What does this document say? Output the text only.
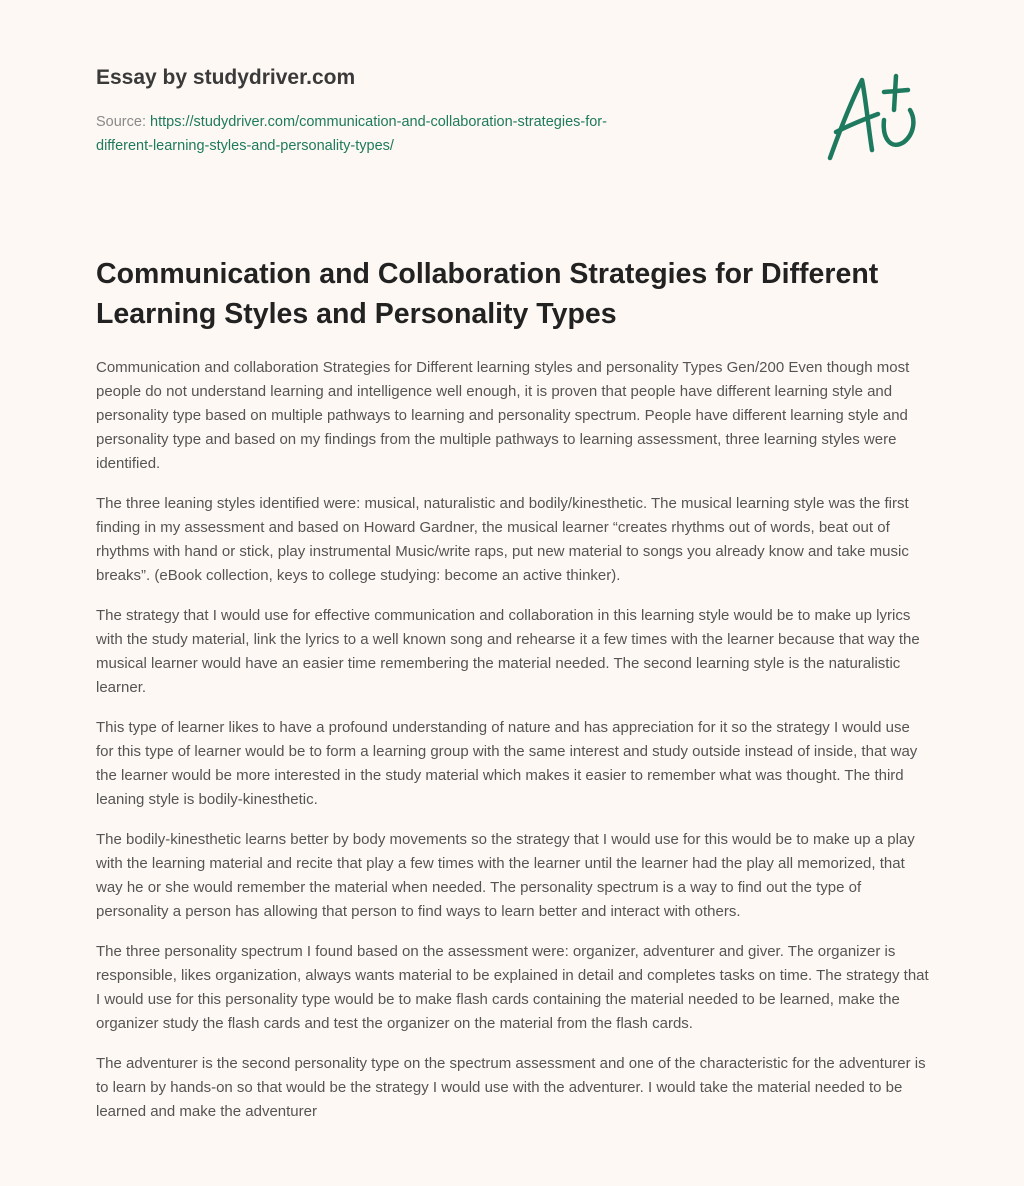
Essay by studydriver.com
Source: https://studydriver.com/communication-and-collaboration-strategies-for-
different-learning-styles-and-personality-types/
Communication and Collaboration Strategies for Different Learning Styles and Personality Types

Communication and collaboration Strategies for Different learning styles and personality Types Gen/200 Even though most people do not understand learning and intelligence well enough, it is proven that people have different learning style and personality type based on multiple pathways to learning and personality spectrum. People have different learning style and personality type and based on my findings from the multiple pathways to learning assessment, three learning styles were identified.

The three leaning styles identified were: musical, naturalistic and bodily/kinesthetic. The musical learning style was the first finding in my assessment and based on Howard Gardner, the musical learner “creates rhythms out of words, beat out of rhythms with hand or stick, play instrumental Music/write raps, put new material to songs you already know and take music breaks”. (eBook collection, keys to college studying: become an active thinker).

The strategy that I would use for effective communication and collaboration in this learning style would be to make up lyrics with the study material, link the lyrics to a well known song and rehearse it a few times with the learner because that way the musical learner would have an easier time remembering the material needed. The second learning style is the naturalistic learner.

This type of learner likes to have a profound understanding of nature and has appreciation for it so the strategy I would use for this type of learner would be to form a learning group with the same interest and study outside instead of inside, that way the learner would be more interested in the study material which makes it easier to remember what was thought. The third leaning style is bodily-kinesthetic.

The bodily-kinesthetic learns better by body movements so the strategy that I would use for this would be to make up a play with the learning material and recite that play a few times with the learner until the learner had the play all memorized, that way he or she would remember the material when needed. The personality spectrum is a way to find out the type of personality a person has allowing that person to find ways to learn better and interact with others.

The three personality spectrum I found based on the assessment were: organizer, adventurer and giver. The organizer is responsible, likes organization, always wants material to be explained in detail and completes tasks on time. The strategy that I would use for this personality type would be to make flash cards containing the material needed to be learned, make the organizer study the flash cards and test the organizer on the material from the flash cards.

The adventurer is the second personality type on the spectrum assessment and one of the characteristic for the adventurer is to learn by hands-on so that would be the strategy I would use with the adventurer. I would take the material needed to be learned and make the adventurer
